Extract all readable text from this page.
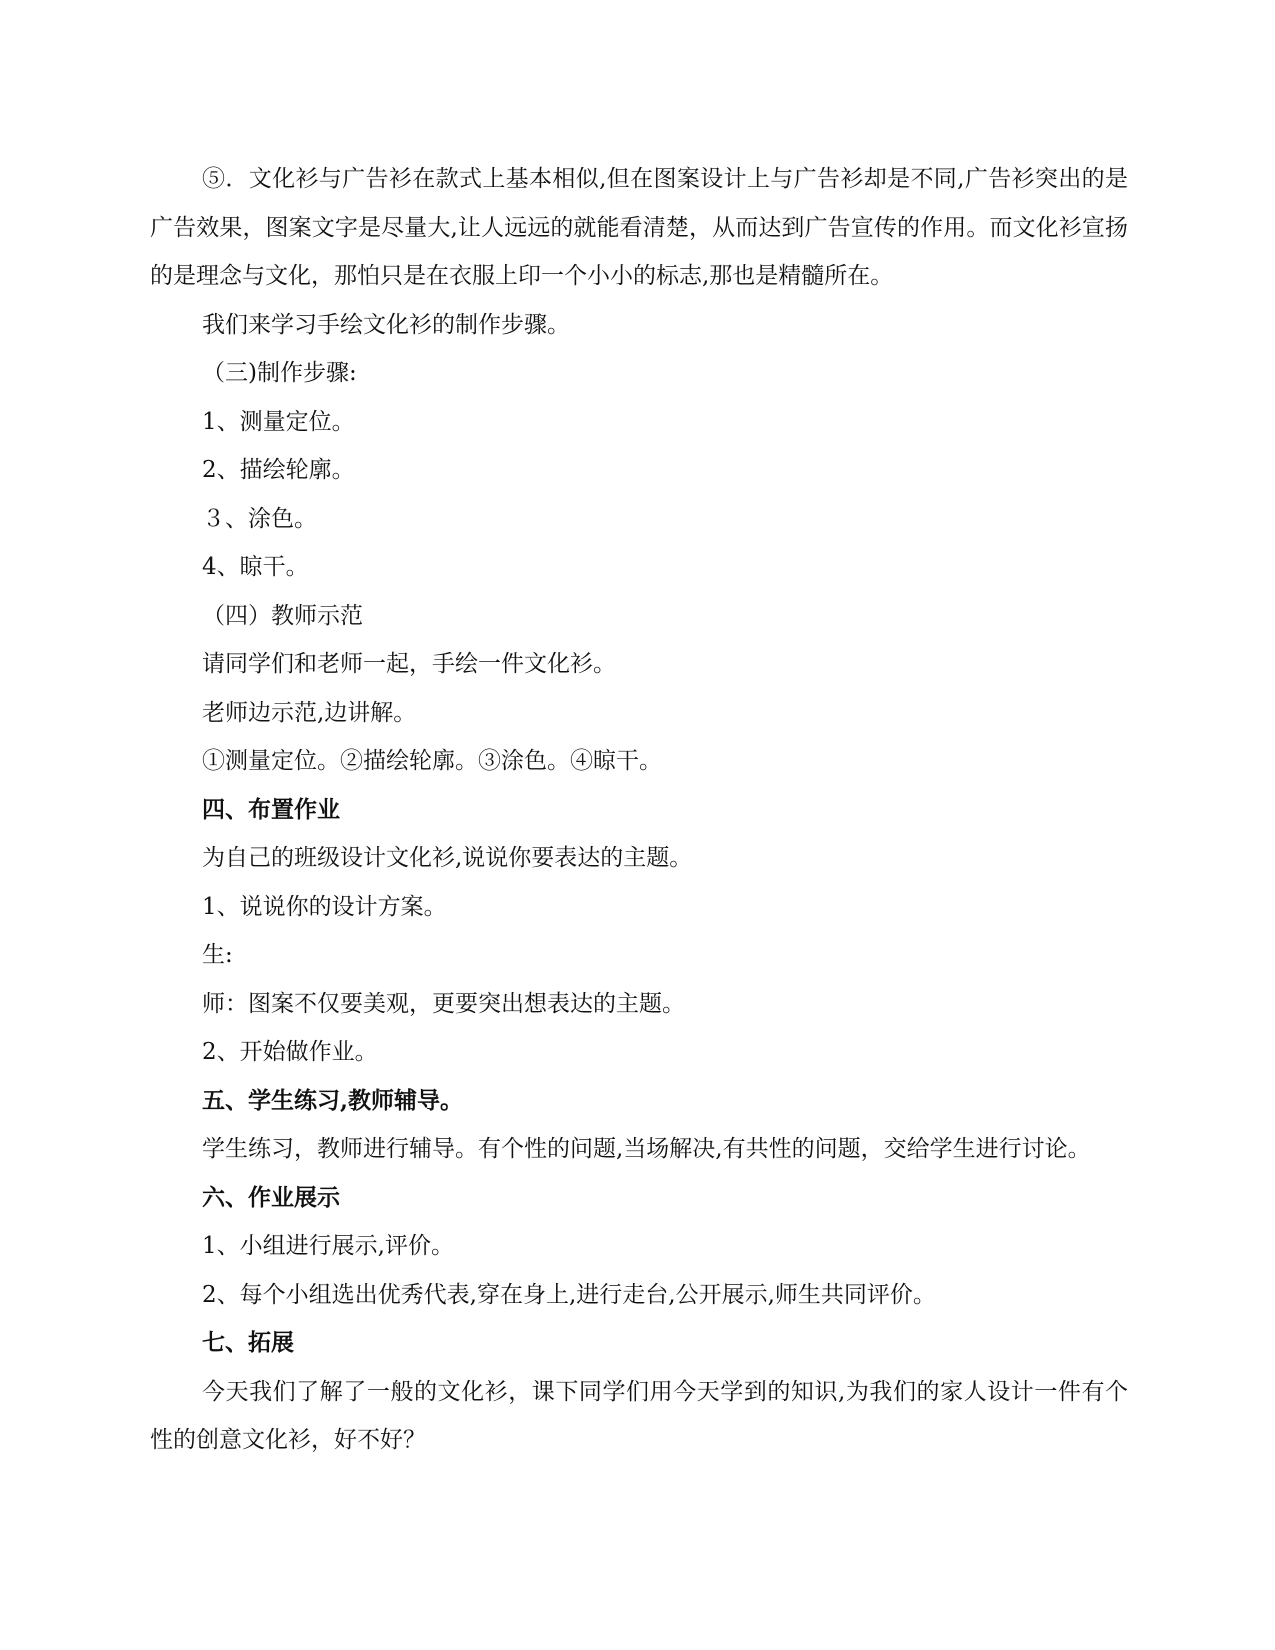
⑤．文化衫与广告衫在款式上基本相似,但在图案设计上与广告衫却是不同,广告衫突出的是广告效果，图案文字是尽量大,让人远远的就能看清楚，从而达到广告宣传的作用。而文化衫宣扬的是理念与文化，那怕只是在衣服上印一个小小的标志,那也是精髓所在。

我们来学习手绘文化衫的制作步骤。

（三)制作步骤:

1、测量定位。

2、描绘轮廓。

３、涂色。

4、晾干。

（四）教师示范

请同学们和老师一起，手绘一件文化衫。

老师边示范,边讲解。

①测量定位。②描绘轮廓。③涂色。④晾干。

四、布置作业

为自己的班级设计文化衫,说说你要表达的主题。

1、说说你的设计方案。

生:

师：图案不仅要美观，更要突出想表达的主题。

2、开始做作业。

五、学生练习,教师辅导。

学生练习，教师进行辅导。有个性的问题,当场解决,有共性的问题，交给学生进行讨论。

六、作业展示

1、小组进行展示,评价。

2、每个小组选出优秀代表,穿在身上,进行走台,公开展示,师生共同评价。

七、拓展

今天我们了解了一般的文化衫，课下同学们用今天学到的知识,为我们的家人设计一件有个性的创意文化衫，好不好？
